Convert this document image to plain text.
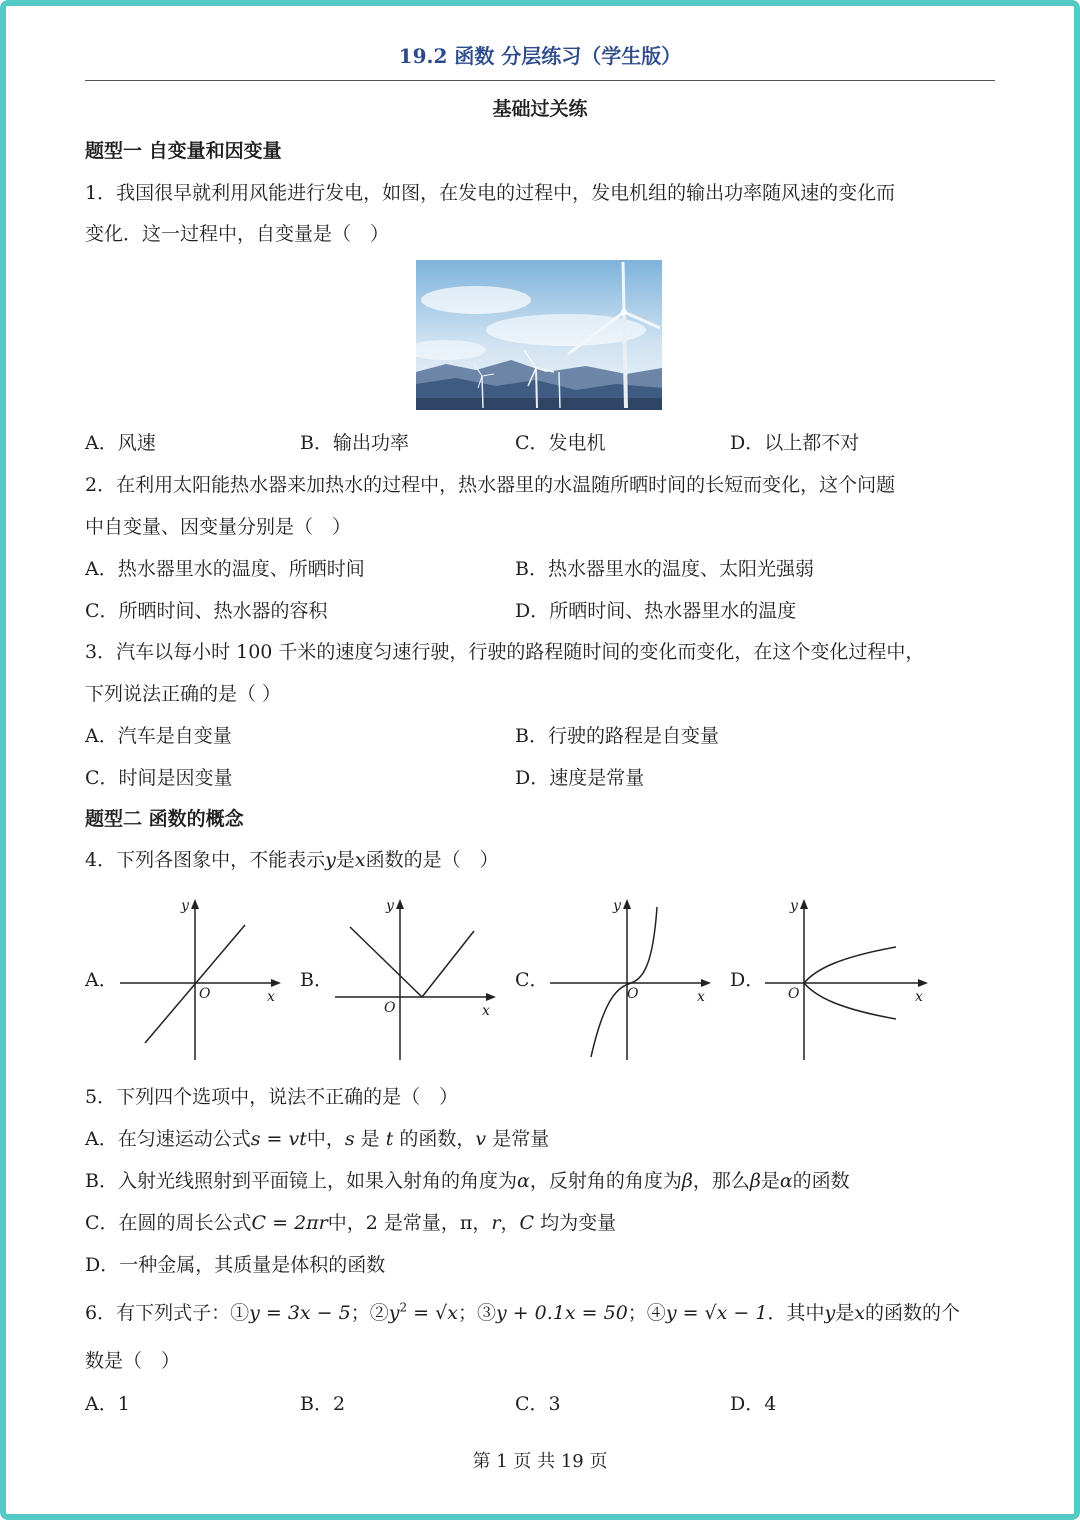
19.2 函数 分层练习（学生版）
基础过关练
题型一 自变量和因变量
1．我国很早就利用风能进行发电，如图，在发电的过程中，发电机组的输出功率随风速的变化而
变化．这一过程中，自变量是（　）
A．风速	B．输出功率	C．发电机	D．以上都不对
2．在利用太阳能热水器来加热水的过程中，热水器里的水温随所晒时间的长短而变化，这个问题
中自变量、因变量分别是（　）
A．热水器里水的温度、所晒时间	B．热水器里水的温度、太阳光强弱
C．所晒时间、热水器的容积	D．所晒时间、热水器里水的温度
3．汽车以每小时 100 千米的速度匀速行驶，行驶的路程随时间的变化而变化，在这个变化过程中，
下列说法正确的是（ ）
A．汽车是自变量	B．行驶的路程是自变量
C．时间是因变量	D．速度是常量
题型二 函数的概念
4．下列各图象中，不能表示y是x函数的是（　）
A．	B．	C．	D．
O	x
y
O	x
y
O	x
y
O	x
y
5．下列四个选项中，说法不正确的是（　）
A．在匀速运动公式s = vt中，s 是 t 的函数，v 是常量
B．入射光线照射到平面镜上，如果入射角的角度为α，反射角的角度为β，那么β是α的函数
C．在圆的周长公式C = 2πr中，2 是常量，π，r，C 均为变量
D．一种金属，其质量是体积的函数
6．有下列式子：①y = 3x − 5；$②y^2 = √x$；③y + 0.1x = 50；④y = √x − 1．其中y是x的函数的个
数是（　）
A．1	B．2	C．3	D．4
第 1 页 共 19 页
